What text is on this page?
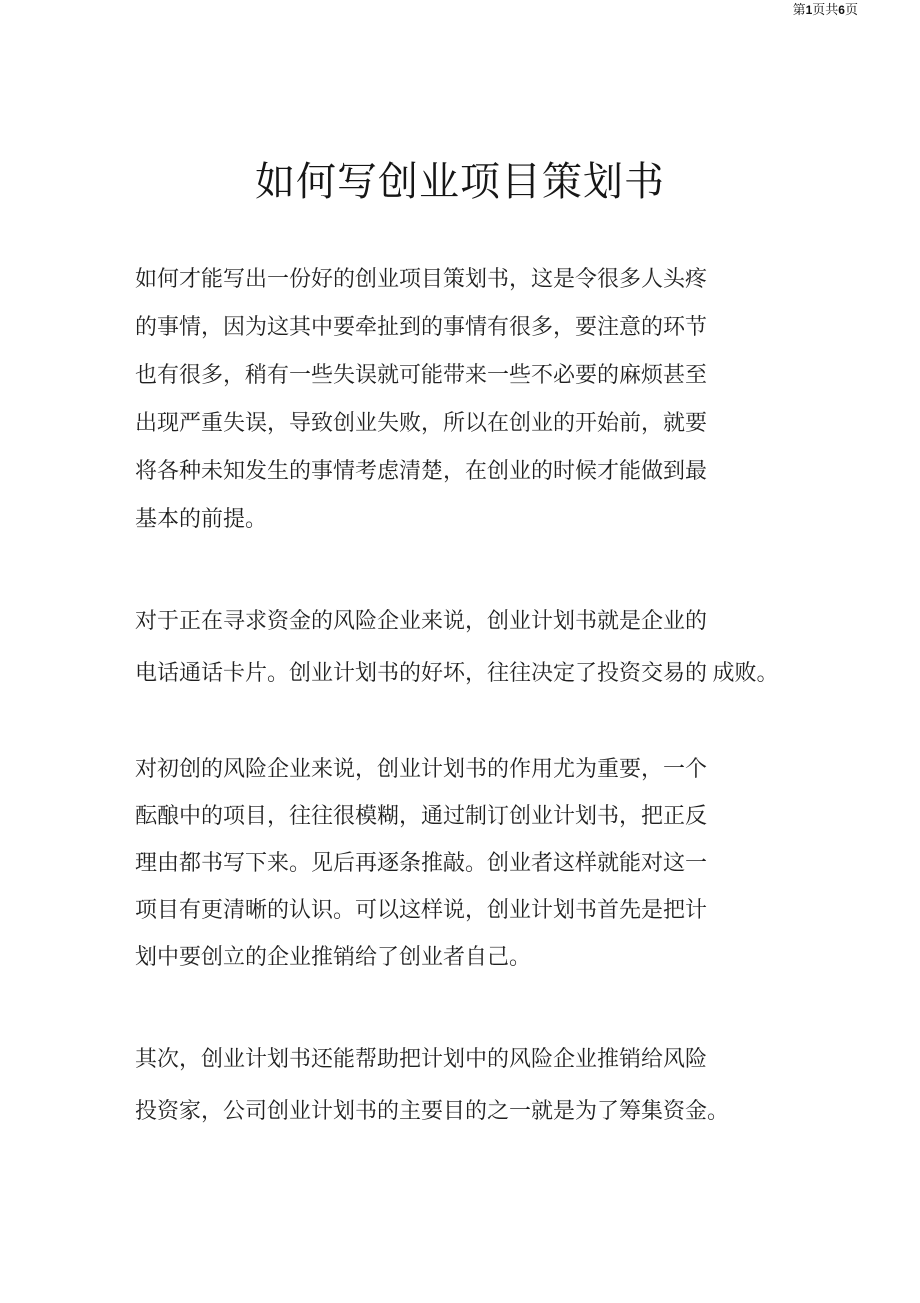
第1页共6页
如何写创业项目策划书
如何才能写出一份好的创业项目策划书，这是令很多人头疼
的事情，因为这其中要牵扯到的事情有很多，要注意的环节
也有很多，稍有一些失误就可能带来一些不必要的麻烦甚至
出现严重失误，导致创业失败，所以在创业的开始前，就要
将各种未知发生的事情考虑清楚，在创业的时候才能做到最
基本的前提。
对于正在寻求资金的风险企业来说，创业计划书就是企业的
电话通话卡片。创业计划书的好坏，往往决定了投资交易的 成败。
对初创的风险企业来说，创业计划书的作用尤为重要，一个
酝酿中的项目，往往很模糊，通过制订创业计划书，把正反
理由都书写下来。见后再逐条推敲。创业者这样就能对这一
项目有更清晰的认识。可以这样说，创业计划书首先是把计
划中要创立的企业推销给了创业者自己。
其次，创业计划书还能帮助把计划中的风险企业推销给风险
投资家，公司创业计划书的主要目的之一就是为了筹集资金。
